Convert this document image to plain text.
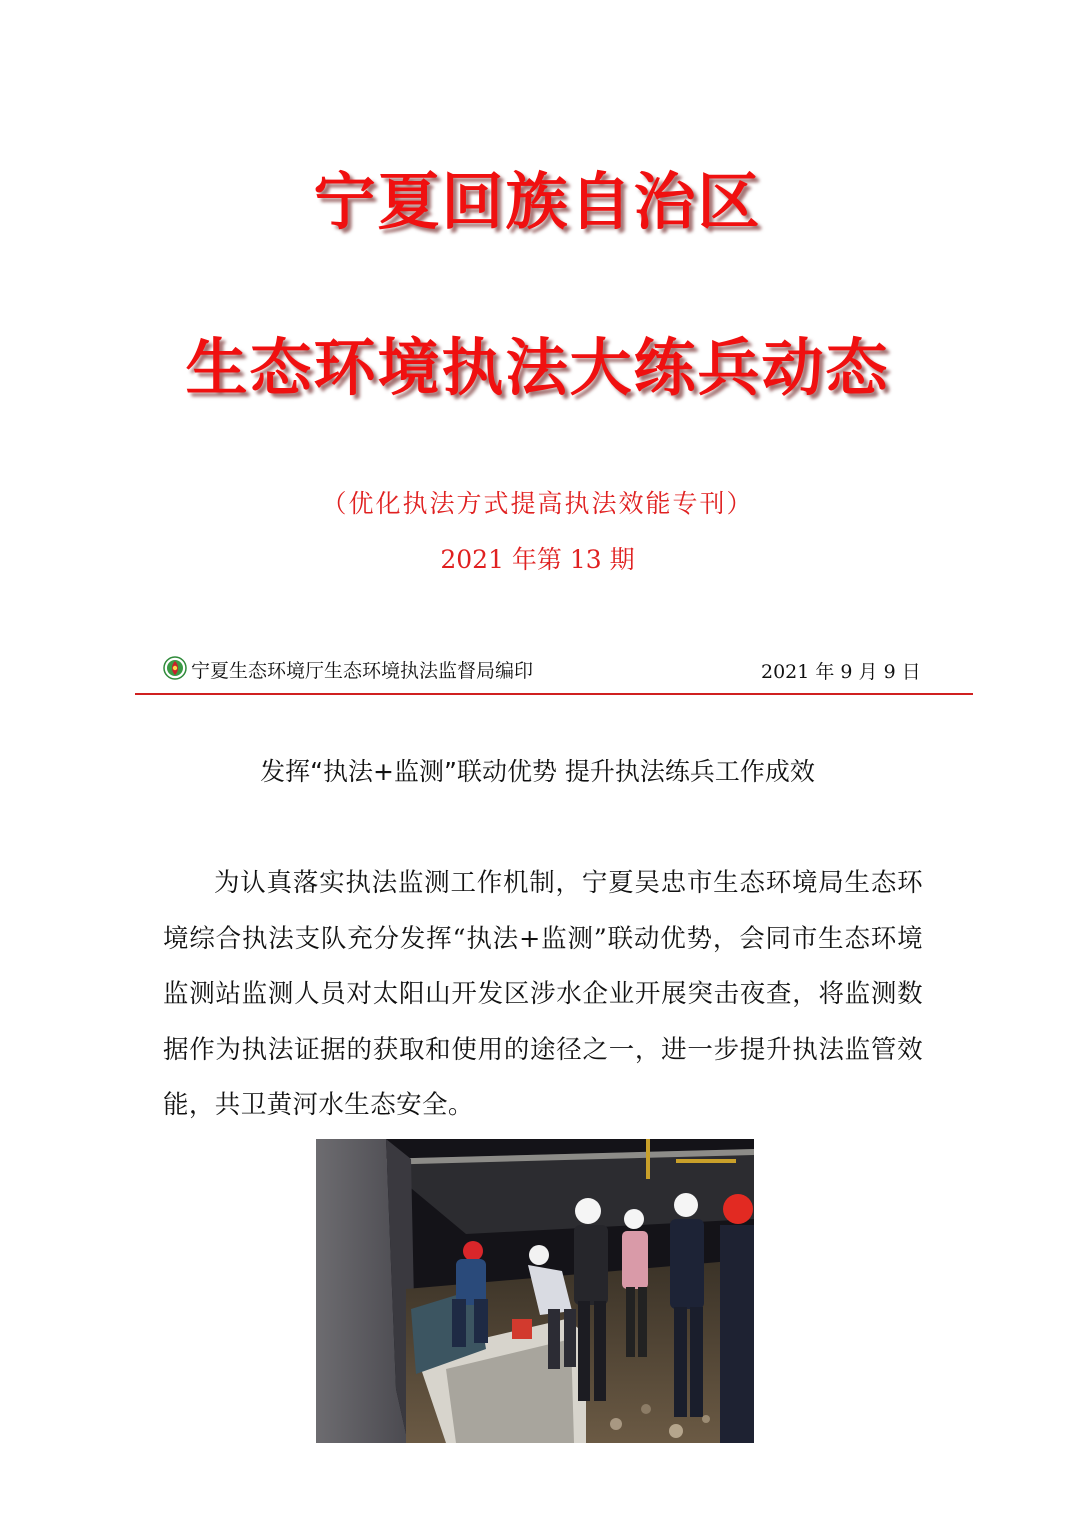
宁夏回族自治区
生态环境执法大练兵动态
（优化执法方式提高执法效能专刊）
2021 年第 13 期
宁夏生态环境厅生态环境执法监督局编印	2021 年 9 月 9 日
发挥“执法+监测”联动优势 提升执法练兵工作成效
为认真落实执法监测工作机制，宁夏吴忠市生态环境局生态环境综合执法支队充分发挥“执法+监测”联动优势，会同市生态环境监测站监测人员对太阳山开发区涉水企业开展突击夜查，将监测数据作为执法证据的获取和使用的途径之一，进一步提升执法监管效能，共卫黄河水生态安全。
